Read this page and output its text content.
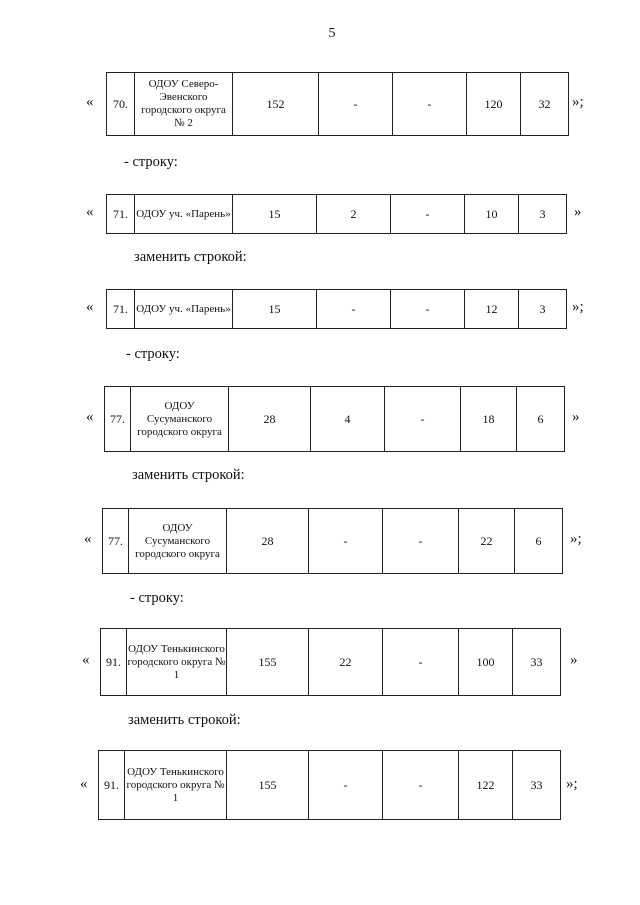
5
« 70.	ОДОУ Северо-Эвенского городского округа № 2	152	-	-	120	32 »;
- строку:
« 71.	ОДОУ уч. «Парень»	15	2	-	10	3 »
заменить строкой:
« 71.	ОДОУ уч. «Парень»	15	-	-	12	3 »;
- строку:
« 77.	ОДОУ Сусуманского городского округа	28	4	-	18	6 »
заменить строкой:
« 77.	ОДОУ Сусуманского городского округа	28	-	-	22	6 »;
- строку:
« 91.	ОДОУ Тенькинского городского округа № 1	155	22	-	100	33 »
заменить строкой:
« 91.	ОДОУ Тенькинского городского округа № 1	155	-	-	122	33 »;
